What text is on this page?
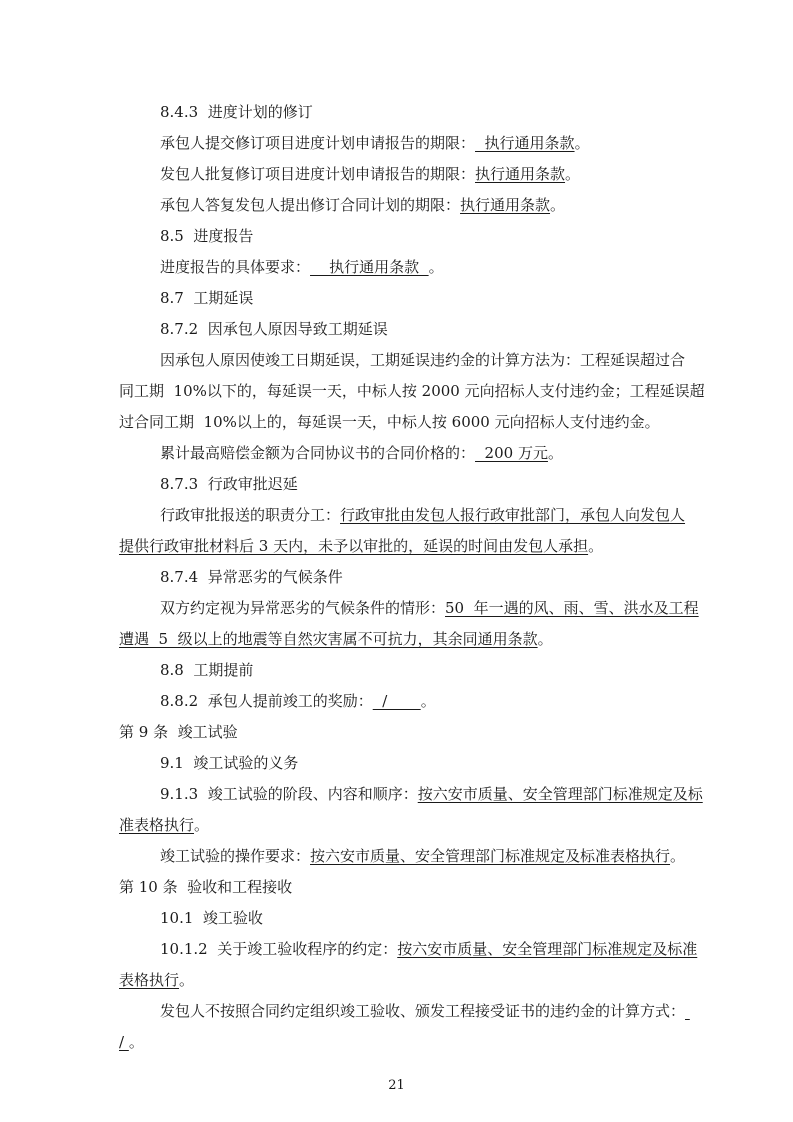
8.4.3  进度计划的修订
承包人提交修订项目进度计划申请报告的期限：  执行通用条款。
发包人批复修订项目进度计划申请报告的期限：执行通用条款。
承包人答复发包人提出修订合同计划的期限：执行通用条款。
8.5  进度报告
进度报告的具体要求：    执行通用条款  。
8.7  工期延误
8.7.2  因承包人原因导致工期延误
因承包人原因使竣工日期延误，工期延误违约金的计算方法为：工程延误超过合
同工期  10%以下的，每延误一天，中标人按 2000 元向招标人支付违约金；工程延误超
过合同工期  10%以上的，每延误一天，中标人按 6000 元向招标人支付违约金。
累计最高赔偿金额为合同协议书的合同价格的：  200 万元。
8.7.3  行政审批迟延
行政审批报送的职责分工：行政审批由发包人报行政审批部门，承包人向发包人
提供行政审批材料后 3 天内，未予以审批的，延误的时间由发包人承担。
8.7.4  异常恶劣的气候条件
双方约定视为异常恶劣的气候条件的情形：50  年一遇的风、雨、雪、洪水及工程
遭遇  5  级以上的地震等自然灾害属不可抗力，其余同通用条款。
8.8  工期提前
8.8.2  承包人提前竣工的奖励：  /       。
第 9 条  竣工试验
9.1  竣工试验的义务
9.1.3  竣工试验的阶段、内容和顺序：按六安市质量、安全管理部门标准规定及标
准表格执行。
竣工试验的操作要求：按六安市质量、安全管理部门标准规定及标准表格执行。
第 10 条  验收和工程接收
10.1  竣工验收
10.1.2  关于竣工验收程序的约定：按六安市质量、安全管理部门标准规定及标准
表格执行。
发包人不按照合同约定组织竣工验收、颁发工程接受证书的违约金的计算方式：
/ 。
21
